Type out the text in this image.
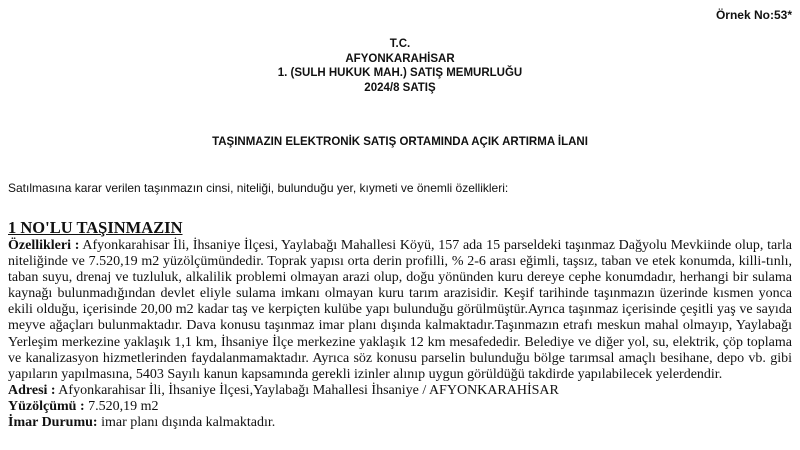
Örnek No:53*
T.C.
AFYONKARAHİSAR
1. (SULH HUKUK MAH.) SATIŞ MEMURLUĞU
2024/8 SATIŞ
TAŞINMAZIN ELEKTRONİK SATIŞ ORTAMINDA AÇIK ARTIRMA İLANI
Satılmasına karar verilen taşınmazın cinsi, niteliği, bulunduğu yer, kıymeti ve önemli özellikleri:
1 NO'LU TAŞINMAZIN
Özellikleri : Afyonkarahisar İli, İhsaniye İlçesi, Yaylabağı Mahallesi Köyü, 157 ada 15 parseldeki taşınmaz Dağyolu Mevkiinde olup, tarla niteliğinde ve 7.520,19 m2 yüzölçümündedir. Toprak yapısı orta derin profilli, % 2-6 arası eğimli, taşsız, taban ve etek konumda, killi-tınlı, taban suyu, drenaj ve tuzluluk, alkalilik problemi olmayan arazi olup, doğu yönünden kuru dereye cephe konumdadır, herhangi bir sulama kaynağı bulunmadığından devlet eliyle sulama imkanı olmayan kuru tarım arazisidir. Keşif tarihinde taşınmazın üzerinde kısmen yonca ekili olduğu, içerisinde 20,00 m2 kadar taş ve kerpiçten kulübe yapı bulunduğu görülmüştür.Ayrıca taşınmaz içerisinde çeşitli yaş ve sayıda meyve ağaçları bulunmaktadır. Dava konusu taşınmaz imar planı dışında kalmaktadır.Taşınmazın etrafı meskun mahal olmayıp, Yaylabağı Yerleşim merkezine yaklaşık 1,1 km, İhsaniye İlçe merkezine yaklaşık 12 km mesafededir. Belediye ve diğer yol, su, elektrik, çöp toplama ve kanalizasyon hizmetlerinden faydalanmamaktadır. Ayrıca söz konusu parselin bulunduğu bölge tarımsal amaçlı besihane, depo vb. gibi yapıların yapılmasına, 5403 Sayılı kanun kapsamında gerekli izinler alınıp uygun görüldüğü takdirde yapılabilecek yelerdendir.
Adresi : Afyonkarahisar İli, İhsaniye İlçesi,Yaylabağı Mahallesi İhsaniye / AFYONKARAHİSAR
Yüzölçümü : 7.520,19 m2
İmar Durumu: imar planı dışında kalmaktadır.
